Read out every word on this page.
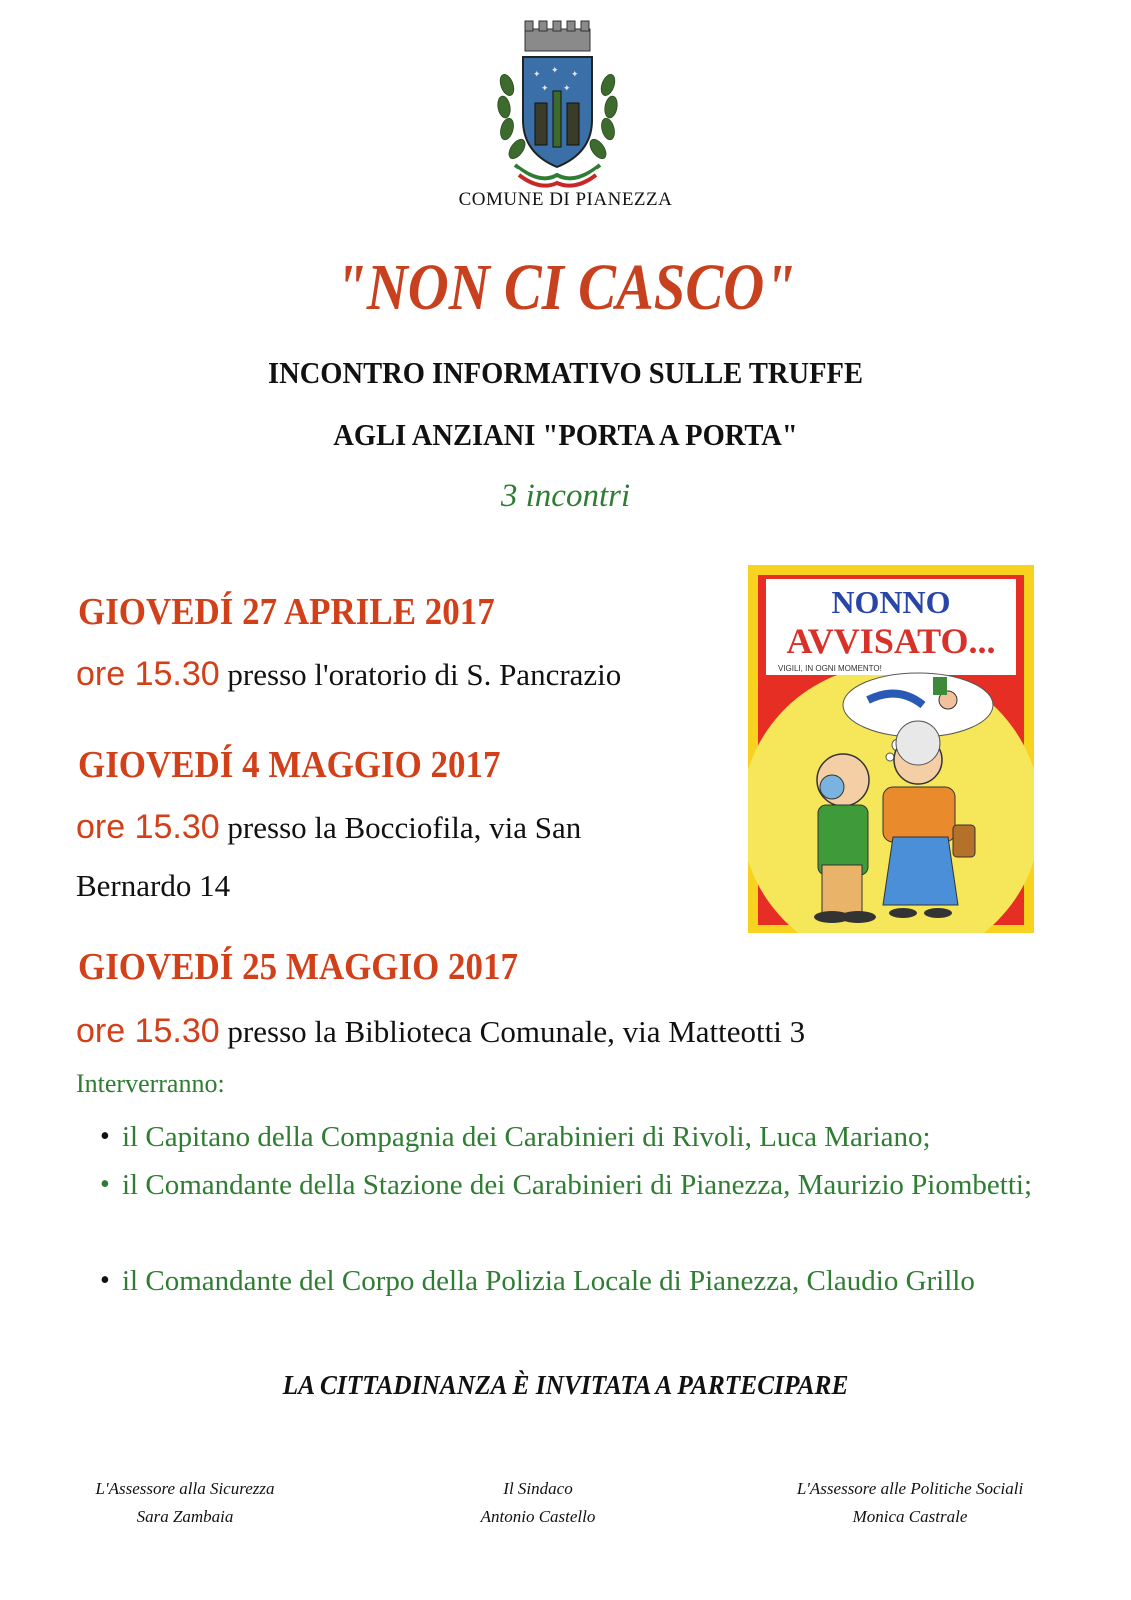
✦ ✦ ✦
✦ ✦
COMUNE DI PIANEZZA
"NON CI CASCO"
INCONTRO INFORMATIVO SULLE TRUFFE
AGLI ANZIANI "PORTA A PORTA"
3 incontri
GIOVEDÍ 27 APRILE 2017
ore 15.30 presso l'oratorio di S. Pancrazio
GIOVEDÍ 4 MAGGIO 2017
ore 15.30 presso la Bocciofila, via San
Bernardo 14
GIOVEDÍ 25 MAGGIO 2017
ore 15.30 presso la Biblioteca Comunale, via Matteotti 3
NONNO
AVVISATO...
VIGILI, IN OGNI MOMENTO!
Interverranno:
• il Capitano della Compagnia dei Carabinieri di Rivoli, Luca Mariano;
• il Comandante della Stazione dei Carabinieri di Pianezza, Maurizio Piombetti;
• il Comandante del Corpo della Polizia Locale di Pianezza, Claudio Grillo
LA CITTADINANZA È INVITATA A PARTECIPARE
L'Assessore alla Sicurezza
Sara Zambaia
Il Sindaco
Antonio Castello
L'Assessore alle Politiche Sociali
Monica Castrale
